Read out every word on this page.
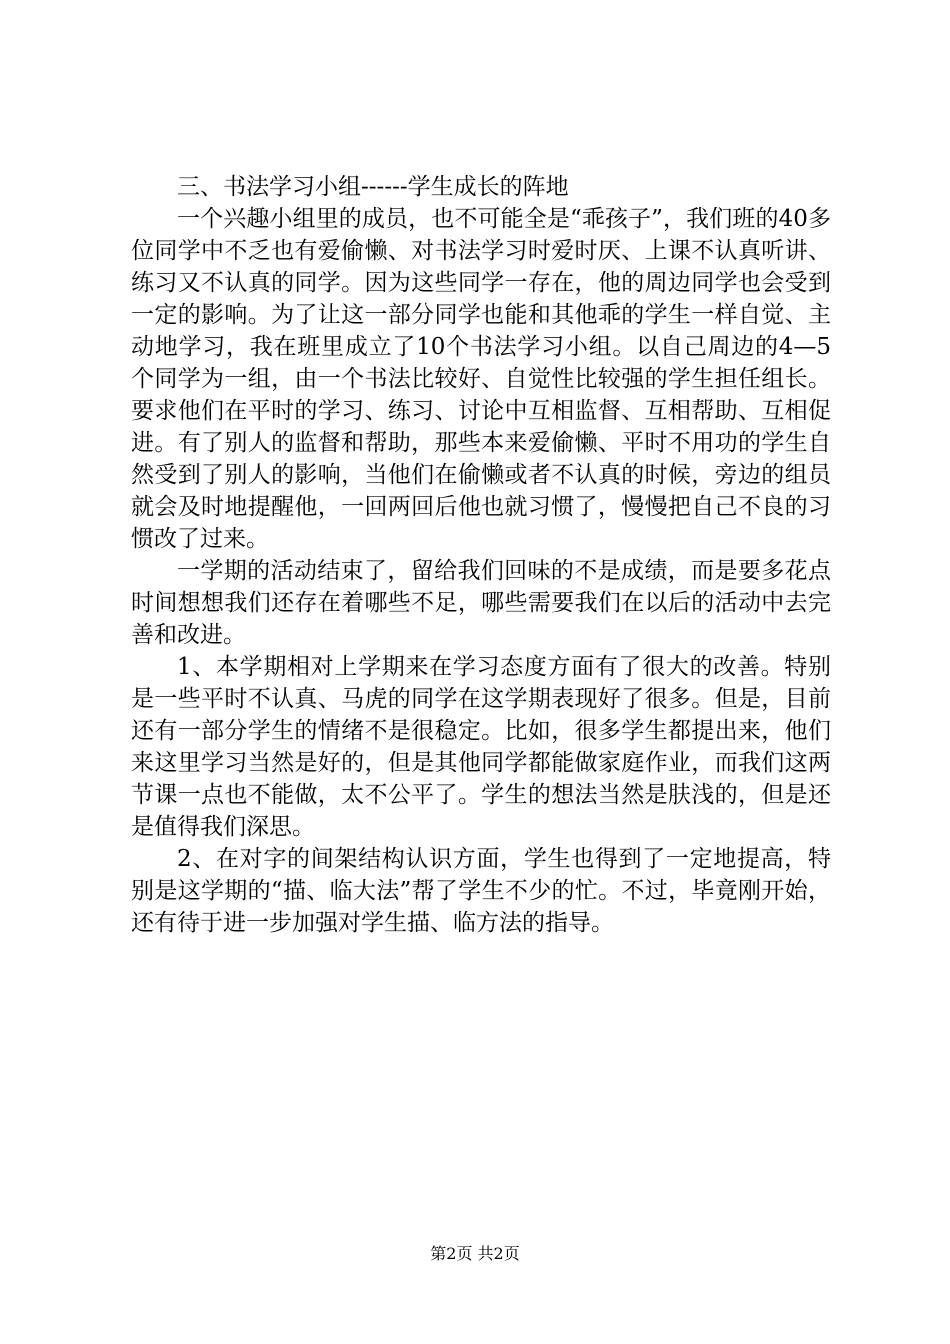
三、书法学习小组------学生成长的阵地

一个兴趣小组里的成员，也不可能全是“乖孩子”，我们班的40多位同学中不乏也有爱偷懒、对书法学习时爱时厌、上课不认真听讲、练习又不认真的同学。因为这些同学一存在，他的周边同学也会受到一定的影响。为了让这一部分同学也能和其他乖的学生一样自觉、主动地学习，我在班里成立了10个书法学习小组。以自己周边的4—5个同学为一组，由一个书法比较好、自觉性比较强的学生担任组长。要求他们在平时的学习、练习、讨论中互相监督、互相帮助、互相促进。有了别人的监督和帮助，那些本来爱偷懒、平时不用功的学生自然受到了别人的影响，当他们在偷懒或者不认真的时候，旁边的组员就会及时地提醒他，一回两回后他也就习惯了，慢慢把自己不良的习惯改了过来。

一学期的活动结束了，留给我们回味的不是成绩，而是要多花点时间想想我们还存在着哪些不足，哪些需要我们在以后的活动中去完善和改进。

1、本学期相对上学期来在学习态度方面有了很大的改善。特别是一些平时不认真、马虎的同学在这学期表现好了很多。但是，目前还有一部分学生的情绪不是很稳定。比如，很多学生都提出来，他们来这里学习当然是好的，但是其他同学都能做家庭作业，而我们这两节课一点也不能做，太不公平了。学生的想法当然是肤浅的，但是还是值得我们深思。

2、在对字的间架结构认识方面，学生也得到了一定地提高，特别是这学期的“描、临大法”帮了学生不少的忙。不过，毕竟刚开始，还有待于进一步加强对学生描、临方法的指导。

第2页 共2页
